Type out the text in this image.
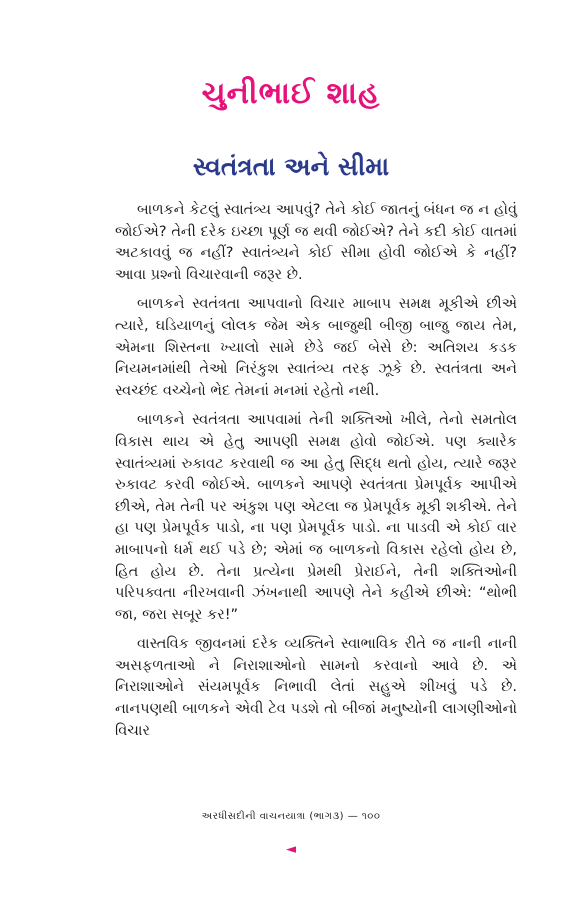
ચુનીભાઈ શાહ
સ્વતંત્રતા અને સીમા

બાળકને કેટલું સ્વાતંત્ર્ય આપવું? તેને કોઈ જાતનું બંધન જ ન હોવું જોઈએ? તેની દરેક ઇચ્છા પૂર્ણ જ થવી જોઈએ? તેને કદી કોઈ વાતમાં અટકાવવું જ નહીં? સ્વાતંત્ર્યને કોઈ સીમા હોવી જોઈએ કે નહીં? આવા પ્રશ્નો વિચારવાની જરૂર છે.

બાળકને સ્વતંત્રતા આપવાનો વિચાર માબાપ સમક્ષ મૂકીએ છીએ ત્યારે, ઘડિયાળનું લોલક જેમ એક બાજુથી બીજી બાજુ જાય તેમ, એમના શિસ્તના ખ્યાલો સામે છેડે જઈ બેસે છે: અતિશય કડક નિયમનમાંથી તેઓ નિરંકુશ સ્વાતંત્ર્ય તરફ ઝૂકે છે. સ્વતંત્રતા અને સ્વચ્છંદ વચ્ચેનો ભેદ તેમનાં મનમાં રહેતો નથી.

બાળકને સ્વતંત્રતા આપવામાં તેની શક્તિઓ ખીલે, તેનો સમતોલ વિકાસ થાય એ હેતુ આપણી સમક્ષ હોવો જોઈએ. પણ ક્યારેક સ્વાતંત્ર્યમાં રુકાવટ કરવાથી જ આ હેતુ સિદ્ધ થતો હોય, ત્યારે જરૂર રુકાવટ કરવી જોઈએ. બાળકને આપણે સ્વતંત્રતા પ્રેમપૂર્વક આપીએ છીએ, તેમ તેની પર અંકુશ પણ એટલા જ પ્રેમપૂર્વક મૂકી શકીએ. તેને હા પણ પ્રેમપૂર્વક પાડો, ના પણ પ્રેમપૂર્વક પાડો. ના પાડવી એ કોઈ વાર માબાપનો ધર્મ થઈ પડે છે; એમાં જ બાળકનો વિકાસ રહેલો હોય છે, હિત હોય છે. તેના પ્રત્યેના પ્રેમથી પ્રેરાઈને, તેની શક્તિઓની પરિપક્વતા નીરખવાની ઝંખનાથી આપણે તેને કહીએ છીએ: “થોભી જા, જરા સબૂર કર!”

વાસ્તવિક જીવનમાં દરેક વ્યક્તિને સ્વાભાવિક રીતે જ નાની નાની અસફળતાઓ ને નિરાશાઓનો સામનો કરવાનો આવે છે. એ નિરાશાઓને સંયમપૂર્વક નિભાવી લેતાં સહુએ શીખવું પડે છે. નાનપણથી બાળકને એવી ટેવ પડશે તો બીજાં મનુષ્યોની લાગણીઓનો વિચાર

અરધીસદીની વાચનયાત્રા (ભાગ૩) — ૧૦૦
◄
